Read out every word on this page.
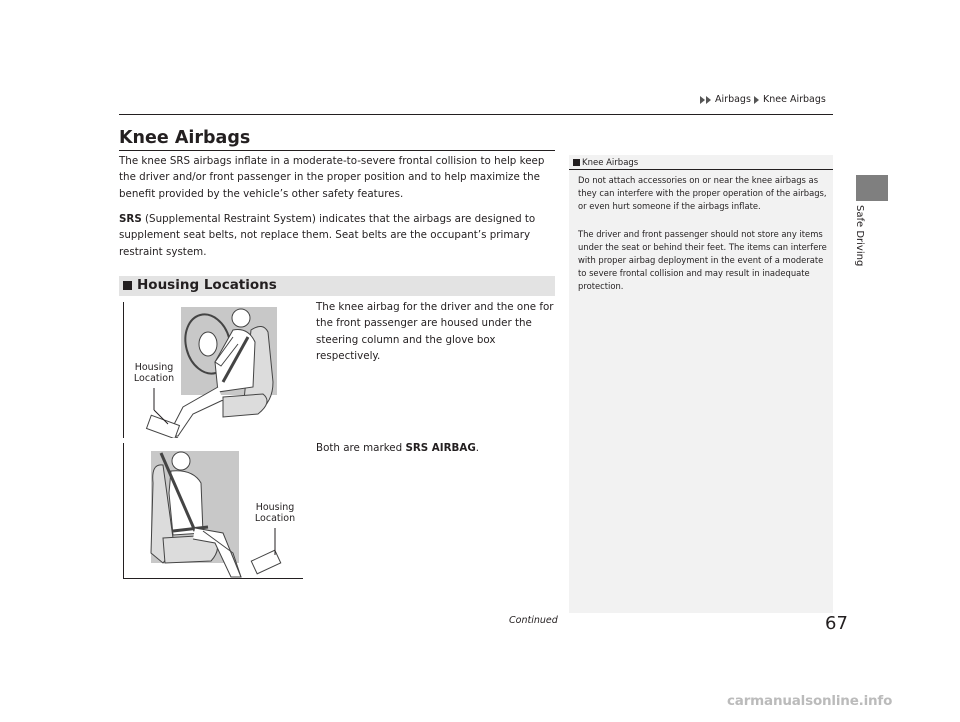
Airbags Knee Airbags
Safe Driving
Knee Airbags
The knee SRS airbags inflate in a moderate-to-severe frontal collision to help keep the driver and/or front passenger in the proper position and to help maximize the benefit provided by the vehicle’s other safety features.
SRS (Supplemental Restraint System) indicates that the airbags are designed to supplement seat belts, not replace them. Seat belts are the occupant’s primary restraint system.
Housing Locations
The knee airbag for the driver and the one for the front passenger are housed under the steering column and the glove box respectively.
Both are marked SRS AIRBAG.
Housing
Location
Housing
Location
Knee Airbags
Do not attach accessories on or near the knee airbags as they can interfere with the proper operation of the airbags, or even hurt someone if the airbags inflate.
The driver and front passenger should not store any items under the seat or behind their feet. The items can interfere with proper airbag deployment in the event of a moderate to severe frontal collision and may result in inadequate protection.
Continued	67
carmanualsonline.info
